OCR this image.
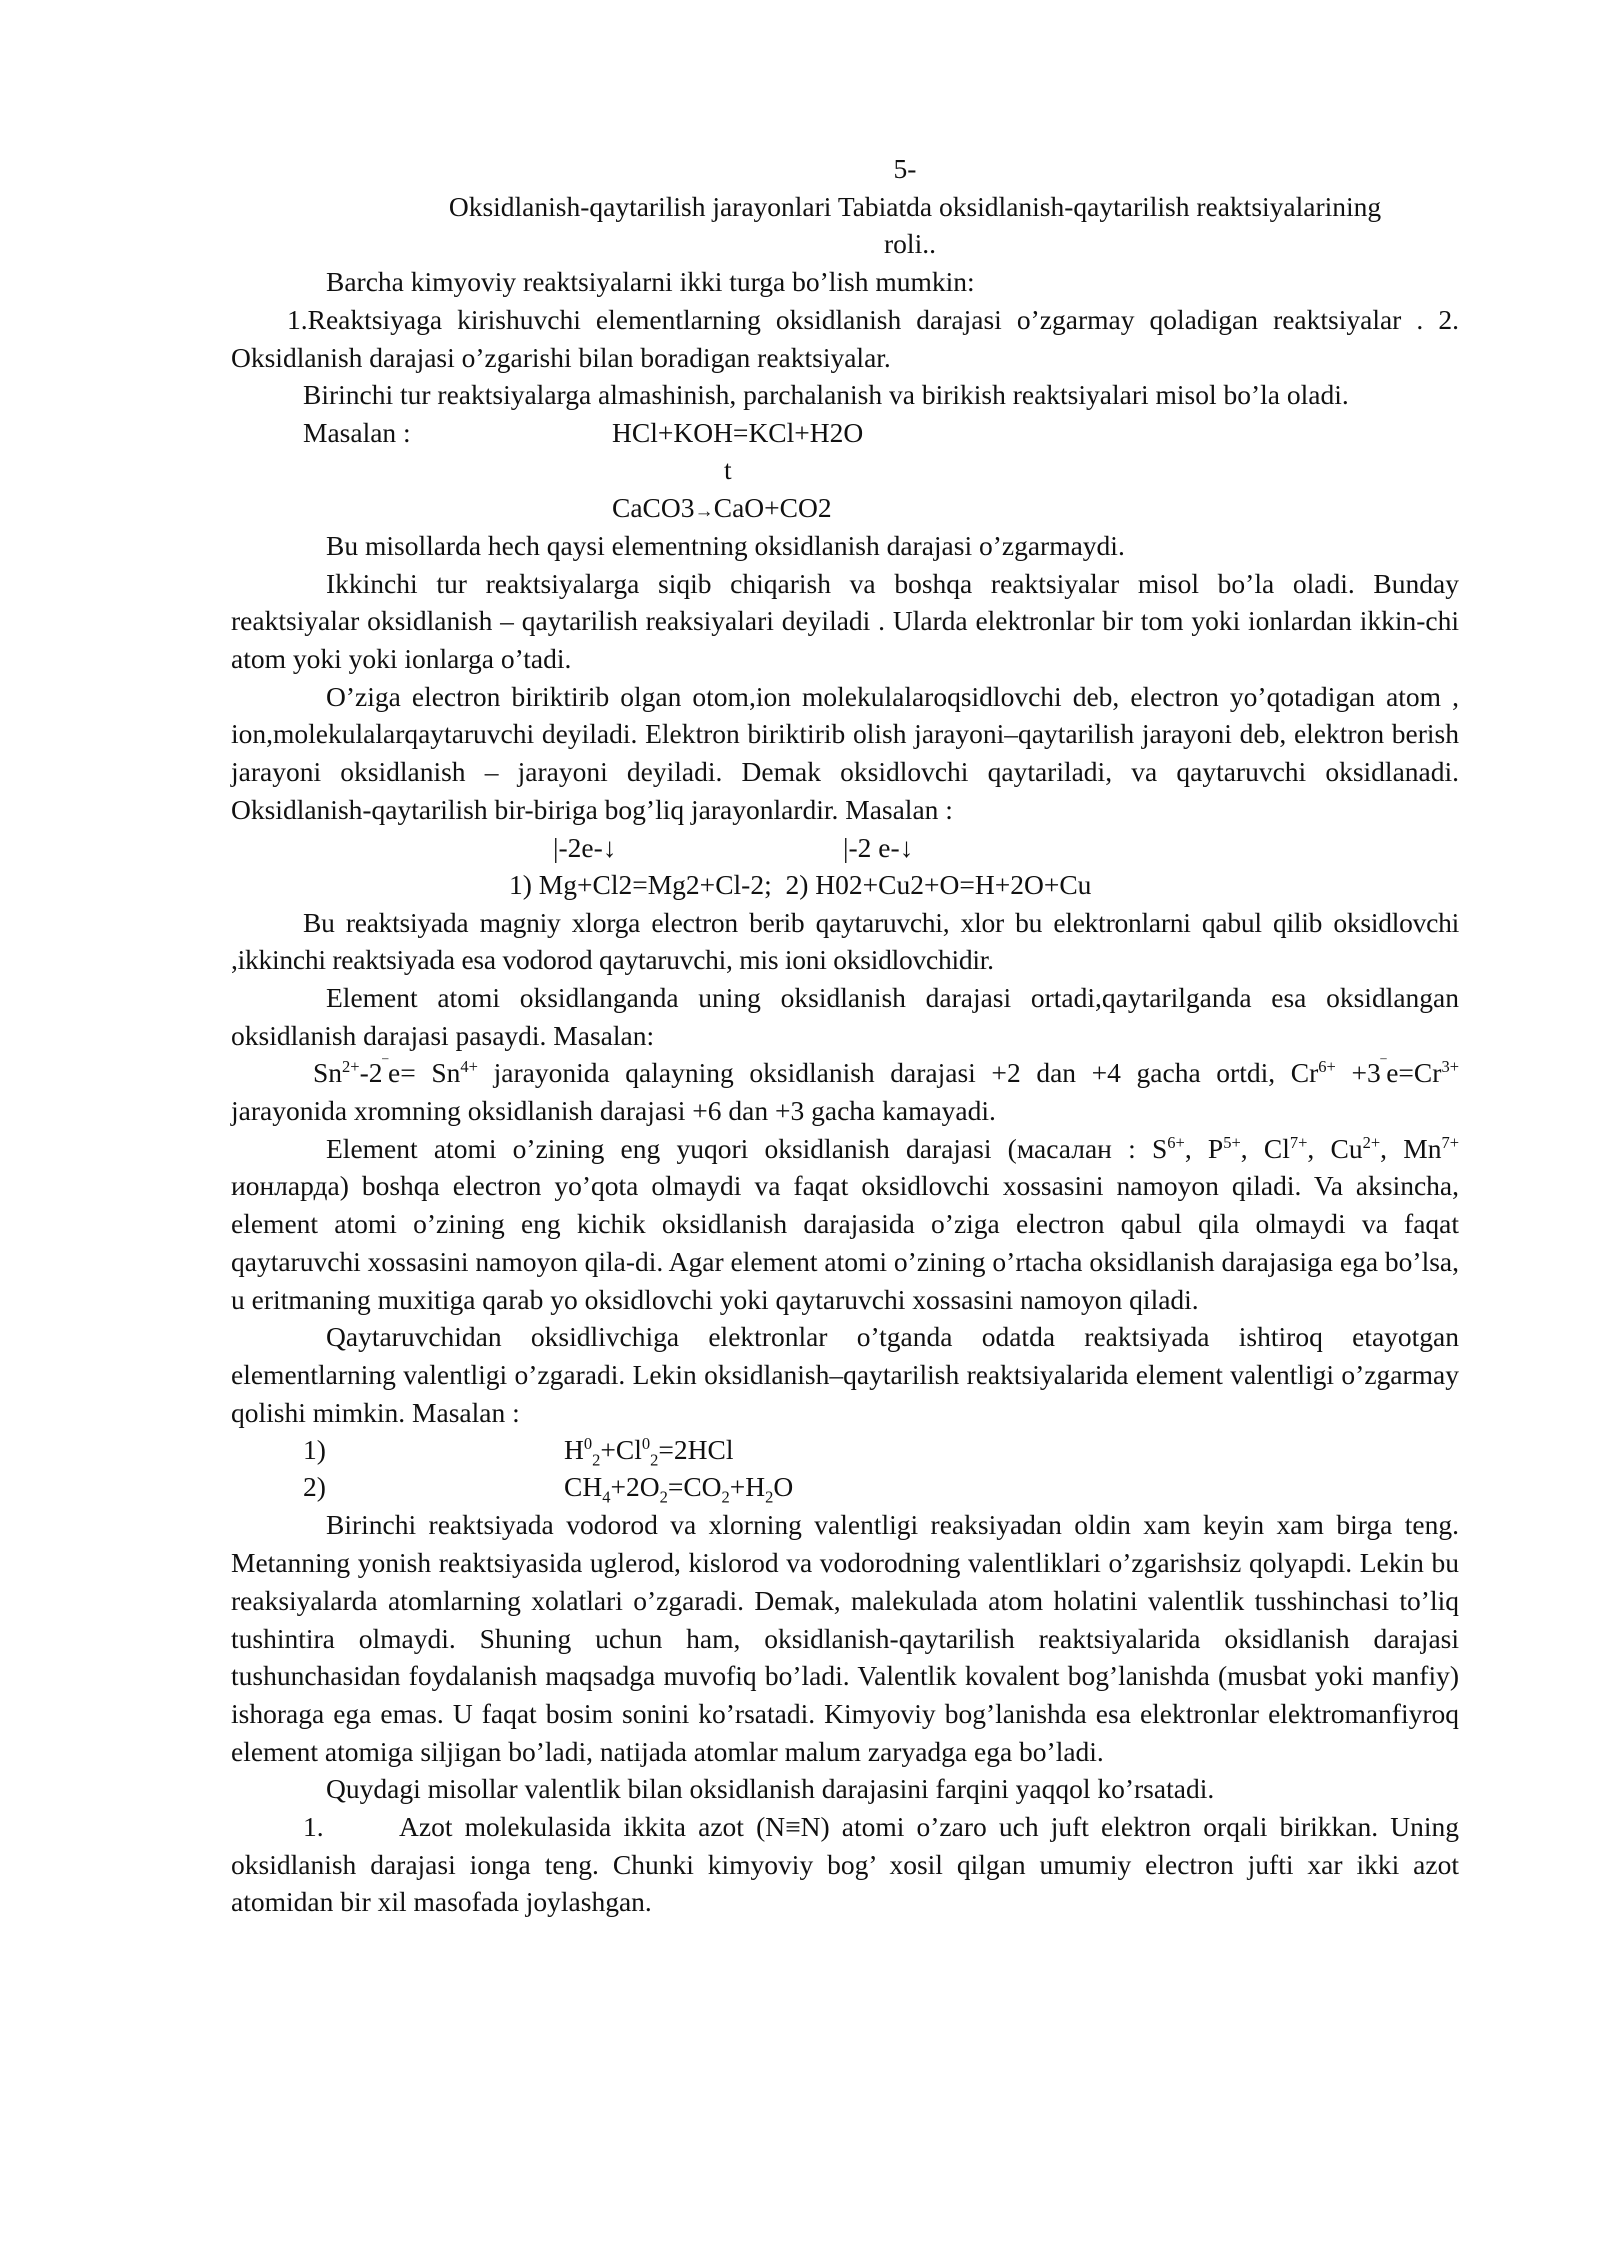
5-

Oksidlanish-qaytarilish jarayonlari Tabiatda oksidlanish-qaytarilish reaktsiyalarining

roli..

Barcha kimyoviy reaktsiyalarni ikki turga bo’lish mumkin:

1.Reaktsiyaga kirishuvchi elementlarning oksidlanish darajasi o’zgarmay qoladigan reaktsiyalar . 2. Oksidlanish darajasi o’zgarishi bilan boradigan reaktsiyalar.

Birinchi tur reaktsiyalarga almashinish, parchalanish va birikish reaktsiyalari misol bo’la oladi.

Masalan :	HCl+KOH=KCl+H2O
t
CaCO3→CaO+CO2

Bu misollarda hech qaysi elementning oksidlanish darajasi o’zgarmaydi.

Ikkinchi tur reaktsiyalarga siqib chiqarish va boshqa reaktsiyalar misol bo’la oladi. Bunday reaktsiyalar oksidlanish – qaytarilish reaksiyalari deyiladi . Ularda elektronlar bir tom yoki ionlardan ikkin-chi atom yoki yoki ionlarga o’tadi.

O’ziga electron biriktirib olgan otom,ion molekulalaroqsidlovchi deb, electron yo’qotadigan atom , ion,molekulalarqaytaruvchi deyiladi. Elektron biriktirib olish jarayoni–qaytarilish jarayoni deb, elektron berish jarayoni oksidlanish – jarayoni deyiladi. Demak oksidlovchi qaytariladi, va qaytaruvchi oksidlanadi. Oksidlanish-qaytarilish bir-biriga bog’liq jarayonlardir. Masalan :

|-2e-↓	|-2 e-↓
1) Mg+Cl2=Mg2+Cl-2;  2) H02+Cu2+O=H+2O+Cu

Bu reaktsiyada magniy xlorga electron berib qaytaruvchi, xlor bu elektronlarni qabul qilib oksidlovchi ,ikkinchi reaktsiyada esa vodorod qaytaruvchi, mis ioni oksidlovchidir.

Element atomi oksidlanganda uning oksidlanish darajasi ortadi,qaytarilganda esa oksidlangan oksidlanish darajasi pasaydi. Masalan:

$Sn^{2+}-2^‾e= Sn^{4+}$ jarayonida qalayning oksidlanish darajasi +2 dan +4 gacha ortdi, $Cr^{6+} +3^‾e=Cr^{3+}$ jarayonida xromning oksidlanish darajasi +6 dan +3 gacha kamayadi.

Element atomi o’zining eng yuqori oksidlanish darajasi (масалан : $S^{6+}$, $P^{5+}$, $Cl^{7+}$, $Cu^{2+}$, $Mn^{7+}$ ионларда) boshqa electron yo’qota olmaydi va faqat oksidlovchi xossasini namoyon qiladi. Va aksincha, element atomi o’zining eng kichik oksidlanish darajasida o’ziga electron qabul qila olmaydi va faqat qaytaruvchi xossasini namoyon qila-di. Agar element atomi o’zining o’rtacha oksidlanish darajasiga ega bo’lsa, u eritmaning muxitiga qarab yo oksidlovchi yoki qaytaruvchi xossasini namoyon qiladi.

Qaytaruvchidan oksidlivchiga elektronlar o’tganda odatda reaktsiyada ishtiroq etayotgan elementlarning valentligi o’zgaradi. Lekin oksidlanish–qaytarilish reaktsiyalarida element valentligi o’zgarmay qolishi mimkin. Masalan :

1)	$H^0_2+Cl^0_2=2HCl$
2)	$CH_4+2O_2=CO_2+H_2O$

Birinchi reaktsiyada vodorod va xlorning valentligi reaksiyadan oldin xam keyin xam birga teng. Metanning yonish reaktsiyasida uglerod, kislorod va vodorodning valentliklari o’zgarishsiz qolyapdi. Lekin bu reaksiyalarda atomlarning xolatlari o’zgaradi. Demak, malekulada atom holatini valentlik tusshinchasi to’liq tushintira olmaydi. Shuning uchun ham, oksidlanish-qaytarilish reaktsiyalarida oksidlanish darajasi tushunchasidan foydalanish maqsadga muvofiq bo’ladi. Valentlik kovalent bog’lanishda (musbat yoki manfiy) ishoraga ega emas. U faqat bosim sonini ko’rsatadi. Kimyoviy bog’lanishda esa elektronlar elektromanfiyroq element atomiga siljigan bo’ladi, natijada atomlar malum zaryadga ega bo’ladi.

Quydagi misollar valentlik bilan oksidlanish darajasini farqini yaqqol ko’rsatadi.

1.	Azot molekulasida ikkita azot (N≡N) atomi o’zaro uch juft elektron orqali birikkan. Uning oksidlanish darajasi ionga teng. Chunki kimyoviy bog’ xosil qilgan umumiy electron jufti xar ikki azot atomidan bir xil masofada joylashgan.
